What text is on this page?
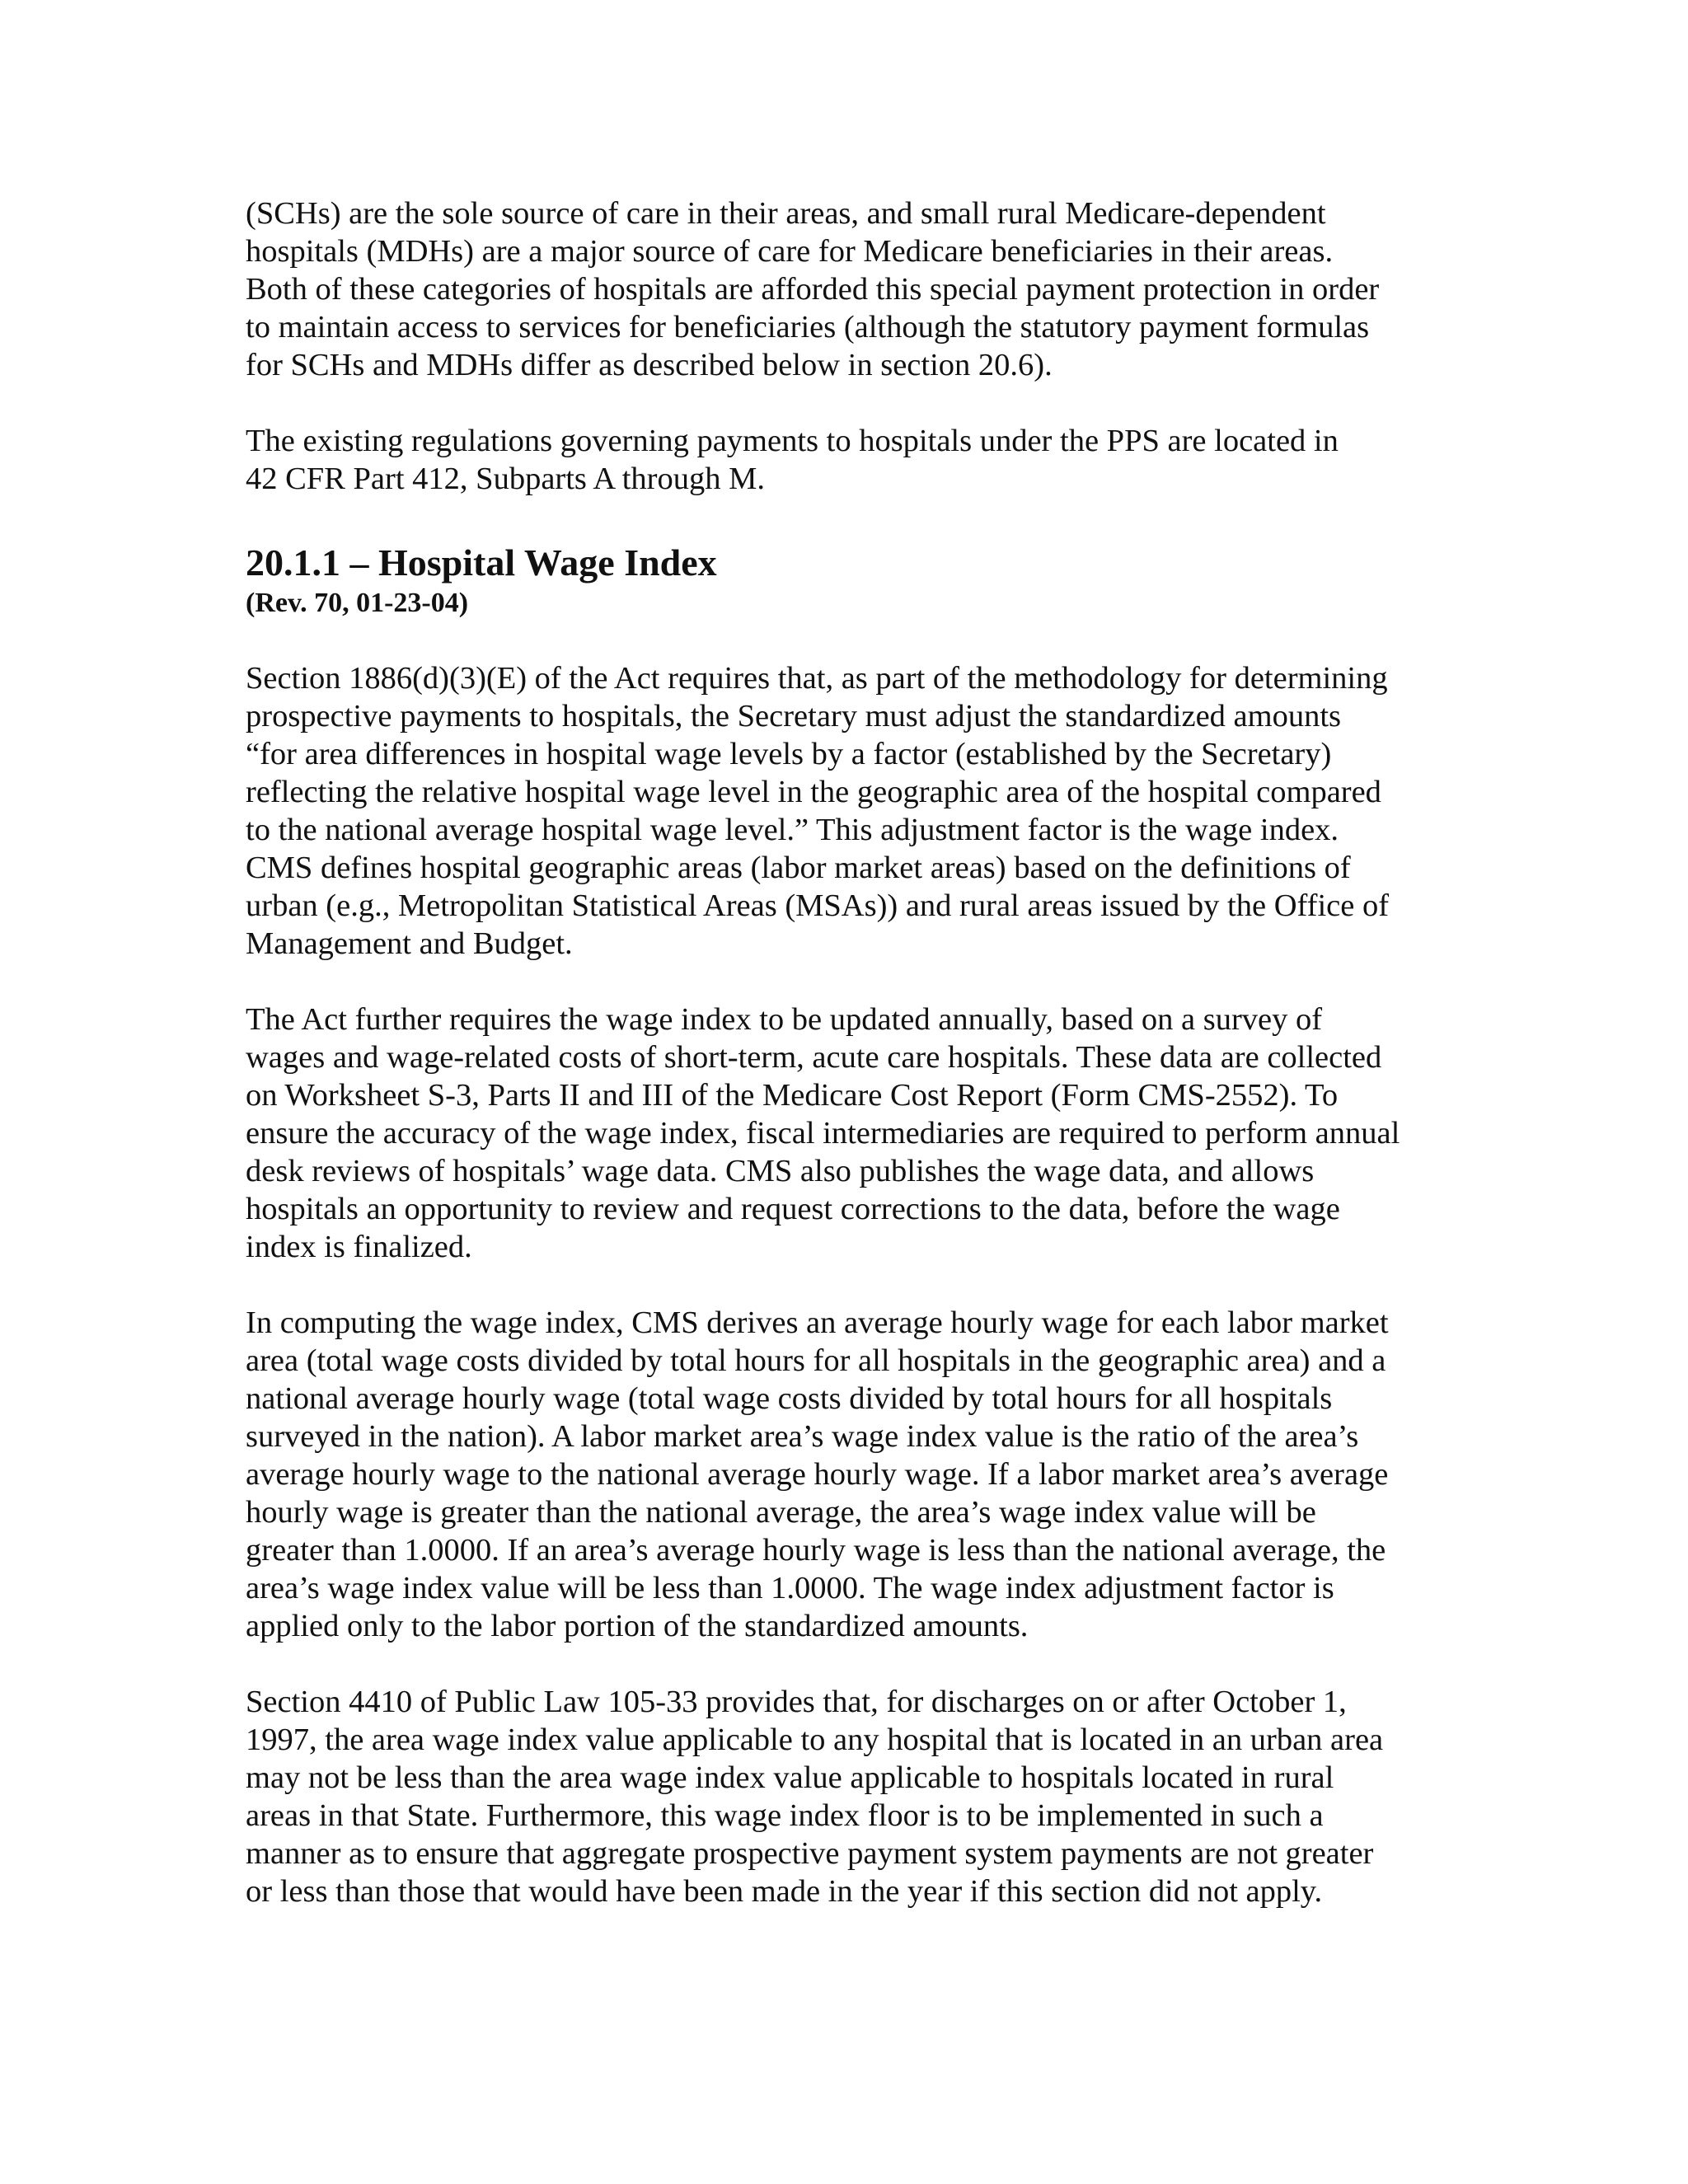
(SCHs) are the sole source of care in their areas, and small rural Medicare-dependent
hospitals (MDHs) are a major source of care for Medicare beneficiaries in their areas.
Both of these categories of hospitals are afforded this special payment protection in order
to maintain access to services for beneficiaries (although the statutory payment formulas
for SCHs and MDHs differ as described below in section 20.6).

The existing regulations governing payments to hospitals under the PPS are located in
42 CFR Part 412, Subparts A through M.

20.1.1 – Hospital Wage Index

(Rev. 70, 01-23-04)

Section 1886(d)(3)(E) of the Act requires that, as part of the methodology for determining
prospective payments to hospitals, the Secretary must adjust the standardized amounts
“for area differences in hospital wage levels by a factor (established by the Secretary)
reflecting the relative hospital wage level in the geographic area of the hospital compared
to the national average hospital wage level.” This adjustment factor is the wage index.
CMS defines hospital geographic areas (labor market areas) based on the definitions of
urban (e.g., Metropolitan Statistical Areas (MSAs)) and rural areas issued by the Office of
Management and Budget.

The Act further requires the wage index to be updated annually, based on a survey of
wages and wage-related costs of short-term, acute care hospitals. These data are collected
on Worksheet S-3, Parts II and III of the Medicare Cost Report (Form CMS-2552). To
ensure the accuracy of the wage index, fiscal intermediaries are required to perform annual
desk reviews of hospitals’ wage data. CMS also publishes the wage data, and allows
hospitals an opportunity to review and request corrections to the data, before the wage
index is finalized.

In computing the wage index, CMS derives an average hourly wage for each labor market
area (total wage costs divided by total hours for all hospitals in the geographic area) and a
national average hourly wage (total wage costs divided by total hours for all hospitals
surveyed in the nation). A labor market area’s wage index value is the ratio of the area’s
average hourly wage to the national average hourly wage. If a labor market area’s average
hourly wage is greater than the national average, the area’s wage index value will be
greater than 1.0000. If an area’s average hourly wage is less than the national average, the
area’s wage index value will be less than 1.0000. The wage index adjustment factor is
applied only to the labor portion of the standardized amounts.

Section 4410 of Public Law 105-33 provides that, for discharges on or after October 1,
1997, the area wage index value applicable to any hospital that is located in an urban area
may not be less than the area wage index value applicable to hospitals located in rural
areas in that State. Furthermore, this wage index floor is to be implemented in such a
manner as to ensure that aggregate prospective payment system payments are not greater
or less than those that would have been made in the year if this section did not apply.
